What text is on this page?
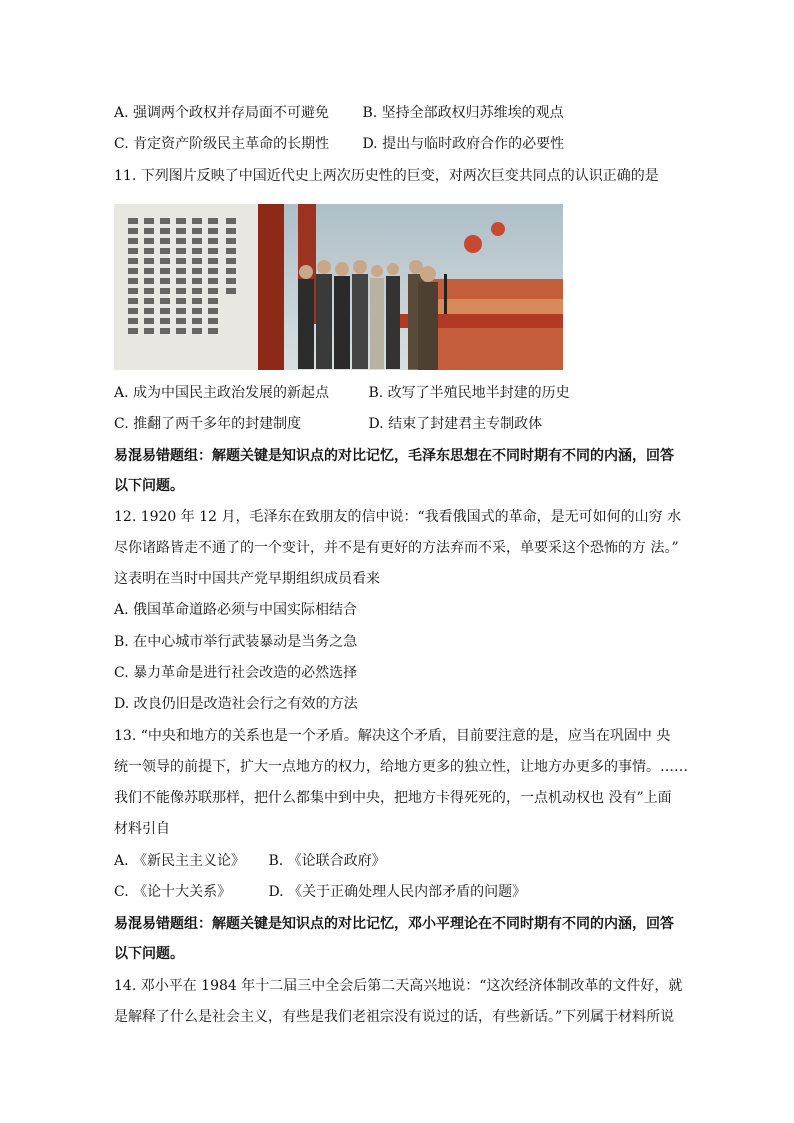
A. 强调两个政权并存局面不可避免 B. 坚持全部政权归苏维埃的观点
C. 肯定资产阶级民主革命的长期性 D. 提出与临时政府合作的必要性
11. 下列图片反映了中国近代史上两次历史性的巨变，对两次巨变共同点的认识正确的是
A. 成为中国民主政治发展的新起点	B. 改写了半殖民地半封建的历史
C. 推翻了两千多年的封建制度	D. 结束了封建君主专制政体
易混易错题组：解题关键是知识点的对比记忆，毛泽东思想在不同时期有不同的内涵，回答
以下问题。
12. 1920 年 12 月，毛泽东在致朋友的信中说：“我看俄国式的革命，是无可如何的山穷 水
尽你诸路皆走不通了的一个变计，并不是有更好的方法弃而不采，单要采这个恐怖的方 法。”
这表明在当时中国共产党早期组织成员看来
A. 俄国革命道路必须与中国实际相结合
B. 在中心城市举行武装暴动是当务之急
C. 暴力革命是进行社会改造的必然选择
D. 改良仍旧是改造社会行之有效的方法
13. “中央和地方的关系也是一个矛盾。解决这个矛盾，目前要注意的是，应当在巩固中 央
统一领导的前提下，扩大一点地方的权力，给地方更多的独立性，让地方办更多的事情。……
我们不能像苏联那样，把什么都集中到中央，把地方卡得死死的，一点机动权也 没有”上面
材料引自
A. 《新民主主义论》 B. 《论联合政府》
C. 《论十大关系》	D. 《关于正确处理人民内部矛盾的问题》
易混易错题组：解题关键是知识点的对比记忆，邓小平理论在不同时期有不同的内涵，回答
以下问题。
14. 邓小平在 1984 年十二届三中全会后第二天高兴地说：“这次经济体制改革的文件好，就
是解释了什么是社会主义，有些是我们老祖宗没有说过的话，有些新话。”下列属于材料所说
